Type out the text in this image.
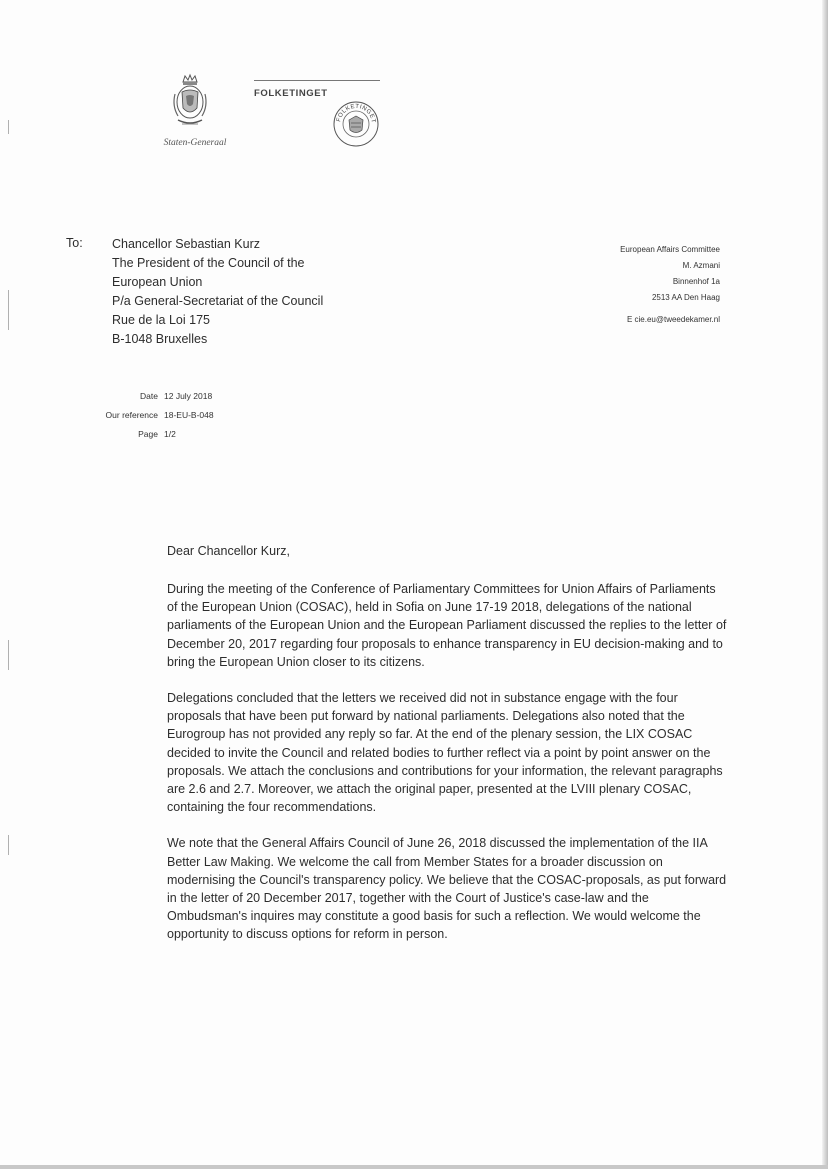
Staten-Generaal
FOLKETINGET
FOLKETINGET
To: Chancellor Sebastian Kurz
The President of the Council of the
European Union
P/a General-Secretariat of the Council
Rue de la Loi 175
B-1048 Bruxelles
European Affairs Committee
M. Azmani
Binnenhof 1a
2513 AA Den Haag
E cie.eu@tweedekamer.nl
Date 12 July 2018
Our reference 18-EU-B-048
Page 1/2
Dear Chancellor Kurz,

During the meeting of the Conference of Parliamentary Committees for Union Affairs of Parliaments of the European Union (COSAC), held in Sofia on June 17-19 2018, delegations of the national parliaments of the European Union and the European Parliament discussed the replies to the letter of December 20, 2017 regarding four proposals to enhance transparency in EU decision-making and to bring the European Union closer to its citizens.

Delegations concluded that the letters we received did not in substance engage with the four proposals that have been put forward by national parliaments. Delegations also noted that the Eurogroup has not provided any reply so far. At the end of the plenary session, the LIX COSAC decided to invite the Council and related bodies to further reflect via a point by point answer on the proposals. We attach the conclusions and contributions for your information, the relevant paragraphs are 2.6 and 2.7. Moreover, we attach the original paper, presented at the LVIII plenary COSAC, containing the four recommendations.

We note that the General Affairs Council of June 26, 2018 discussed the implementation of the IIA Better Law Making. We welcome the call from Member States for a broader discussion on modernising the Council's transparency policy. We believe that the COSAC-proposals, as put forward in the letter of 20 December 2017, together with the Court of Justice's case-law and the Ombudsman's inquires may constitute a good basis for such a reflection. We would welcome the opportunity to discuss options for reform in person.
